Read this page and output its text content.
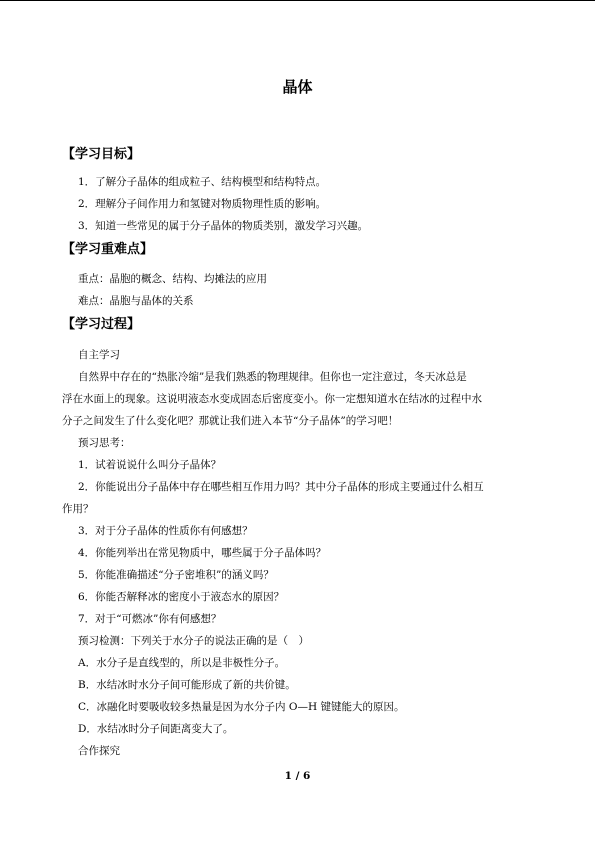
晶体
【学习目标】
1．了解分子晶体的组成粒子、结构模型和结构特点。
2．理解分子间作用力和氢键对物质物理性质的影响。
3．知道一些常见的属于分子晶体的物质类别，激发学习兴趣。
【学习重难点】
重点：晶胞的概念、结构、均摊法的应用
难点：晶胞与晶体的关系
【学习过程】
自主学习
自然界中存在的“热胀冷缩”是我们熟悉的物理规律。但你也一定注意过，冬天冰总是
浮在水面上的现象。这说明液态水变成固态后密度变小。你一定想知道水在结冰的过程中水
分子之间发生了什么变化吧？那就让我们进入本节“分子晶体”的学习吧！
预习思考：
1．试着说说什么叫分子晶体？
2．你能说出分子晶体中存在哪些相互作用力吗？其中分子晶体的形成主要通过什么相互
作用？
3．对于分子晶体的性质你有何感想？
4．你能列举出在常见物质中，哪些属于分子晶体吗？
5．你能准确描述“分子密堆积”的涵义吗？
6．你能否解释冰的密度小于液态水的原因？
7．对于“可燃冰”你有何感想？
预习检测：下列关于水分子的说法正确的是（　）
A．水分子是直线型的，所以是非极性分子。
B．水结冰时水分子间可能形成了新的共价键。
C．冰融化时要吸收较多热量是因为水分子内 O—H 键键能大的原因。
D．水结冰时分子间距离变大了。
合作探究
1 / 6
